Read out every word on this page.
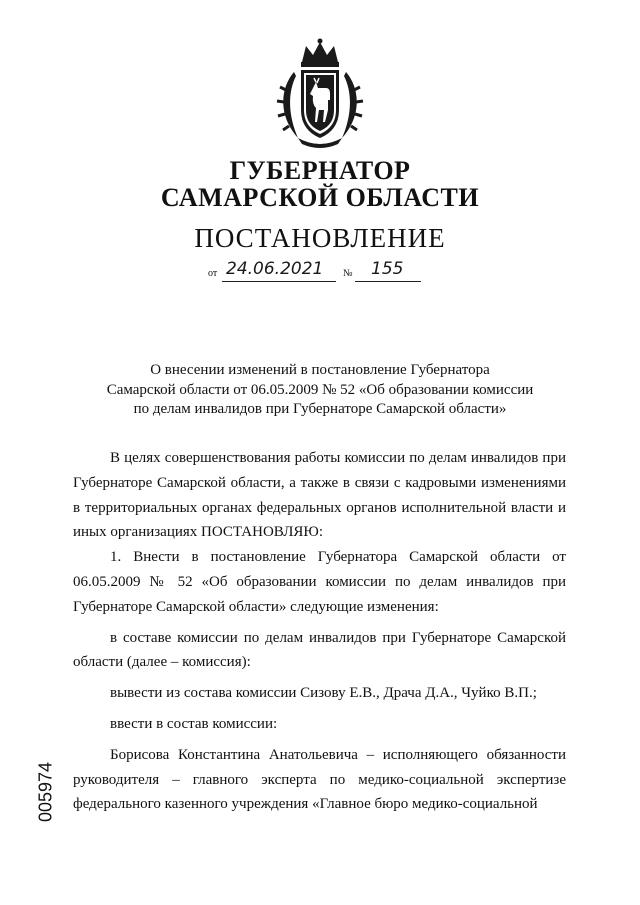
ГУБЕРНАТОР
САМАРСКОЙ ОБЛАСТИ
ПОСТАНОВЛЕНИЕ
от 24.06.2021 № 155
О внесении изменений в постановление Губернатора
Самарской области от 06.05.2009 № 52 «Об образовании комиссии
по делам инвалидов при Губернаторе Самарской области»

В целях совершенствования работы комиссии по делам инвалидов при Губернаторе Самарской области, а также в связи с кадровыми изменениями в территориальных органах федеральных органов исполнительной власти и иных организациях ПОСТАНОВЛЯЮ:

1. Внести в постановление Губернатора Самарской области от 06.05.2009 № 52 «Об образовании комиссии по делам инвалидов при Губернаторе Самарской области» следующие изменения:

в составе комиссии по делам инвалидов при Губернаторе Самарской области (далее – комиссия):

вывести из состава комиссии Сизову Е.В., Драча Д.А., Чуйко В.П.;

ввести в состав комиссии:

Борисова Константина Анатольевича – исполняющего обязанности руководителя – главного эксперта по медико-социальной экспертизе федерального казенного учреждения «Главное бюро медико-социальной

005974
